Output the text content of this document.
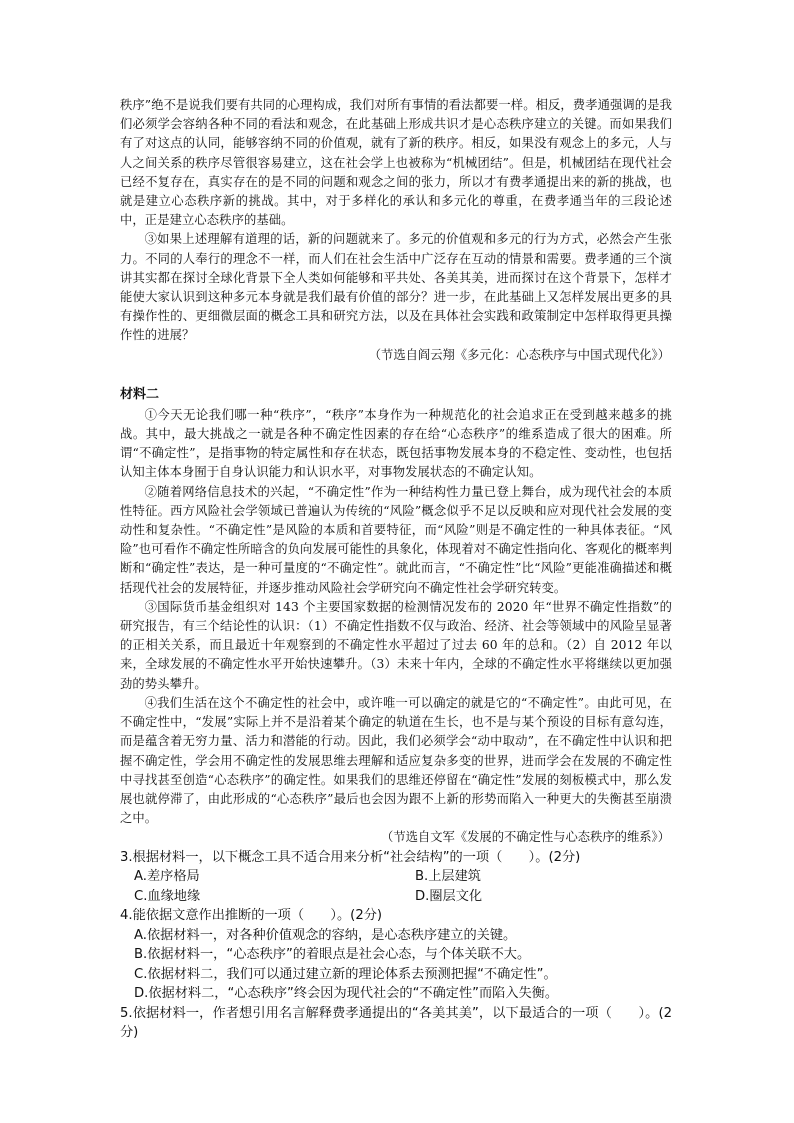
秩序”绝不是说我们要有共同的心理构成，我们对所有事情的看法都要一样。相反，费孝通强调的是我们必须学会容纳各种不同的看法和观念，在此基础上形成共识才是心态秩序建立的关键。而如果我们有了对这点的认同，能够容纳不同的价值观，就有了新的秩序。相反，如果没有观念上的多元，人与人之间关系的秩序尽管很容易建立，这在社会学上也被称为“机械团结”。但是，机械团结在现代社会已经不复存在，真实存在的是不同的问题和观念之间的张力，所以才有费孝通提出来的新的挑战，也就是建立心态秩序新的挑战。其中，对于多样化的承认和多元化的尊重，在费孝通当年的三段论述中，正是建立心态秩序的基础。

③如果上述理解有道理的话，新的问题就来了。多元的价值观和多元的行为方式，必然会产生张力。不同的人奉行的理念不一样，而人们在社会生活中广泛存在互动的情景和需要。费孝通的三个演讲其实都在探讨全球化背景下全人类如何能够和平共处、各美其美，进而探讨在这个背景下，怎样才能使大家认识到这种多元本身就是我们最有价值的部分？进一步，在此基础上又怎样发展出更多的具有操作性的、更细微层面的概念工具和研究方法，以及在具体社会实践和政策制定中怎样取得更具操作性的进展？

（节选自阎云翔《多元化：心态秩序与中国式现代化》）

材料二

①今天无论我们哪一种“秩序”，“秩序”本身作为一种规范化的社会追求正在受到越来越多的挑战。其中，最大挑战之一就是各种不确定性因素的存在给“心态秩序”的维系造成了很大的困难。所谓“不确定性”，是指事物的特定属性和存在状态，既包括事物发展本身的不稳定性、变动性，也包括认知主体本身囿于自身认识能力和认识水平，对事物发展状态的不确定认知。

②随着网络信息技术的兴起，“不确定性”作为一种结构性力量已登上舞台，成为现代社会的本质性特征。西方风险社会学领域已普遍认为传统的“风险”概念似乎不足以反映和应对现代社会发展的变动性和复杂性。“不确定性”是风险的本质和首要特征，而“风险”则是不确定性的一种具体表征。“风险”也可看作不确定性所暗含的负向发展可能性的具象化，体现着对不确定性指向化、客观化的概率判断和“确定性”表达，是一种可量度的“不确定性”。就此而言，“不确定性”比“风险”更能准确描述和概括现代社会的发展特征，并逐步推动风险社会学研究向不确定性社会学研究转变。

③国际货币基金组织对 143 个主要国家数据的检测情况发布的 2020 年“世界不确定性指数”的研究报告，有三个结论性的认识：（1）不确定性指数不仅与政治、经济、社会等领域中的风险呈显著的正相关关系，而且最近十年观察到的不确定性水平超过了过去 60 年的总和。（2）自 2012 年以来，全球发展的不确定性水平开始快速攀升。（3）未来十年内，全球的不确定性水平将继续以更加强劲的势头攀升。

④我们生活在这个不确定性的社会中，或许唯一可以确定的就是它的“不确定性”。由此可见，在不确定性中，“发展”实际上并不是沿着某个确定的轨道在生长，也不是与某个预设的目标有意勾连，而是蕴含着无穷力量、活力和潜能的行动。因此，我们必须学会“动中取动”，在不确定性中认识和把握不确定性，学会用不确定性的发展思维去理解和适应复杂多变的世界，进而学会在发展的不确定性中寻找甚至创造“心态秩序”的确定性。如果我们的思维还停留在“确定性”发展的刻板模式中，那么发展也就停滞了，由此形成的“心态秩序”最后也会因为跟不上新的形势而陷入一种更大的失衡甚至崩溃之中。

（节选自文军《发展的不确定性与心态秩序的维系》）

3.根据材料一，以下概念工具不适合用来分析“社会结构”的一项（　　）。(2分)

A.差序格局	B.上层建筑
C.血缘地缘	D.圈层文化

4.能依据文意作出推断的一项（　　）。(2分)

A.依据材料一，对各种价值观念的容纳，是心态秩序建立的关键。
B.依据材料一，“心态秩序”的着眼点是社会心态，与个体关联不大。
C.依据材料二，我们可以通过建立新的理论体系去预测把握“不确定性”。
D.依据材料二，“心态秩序”终会因为现代社会的“不确定性”而陷入失衡。

5.依据材料一，作者想引用名言解释费孝通提出的“各美其美”，以下最适合的一项（　　）。(2分)
